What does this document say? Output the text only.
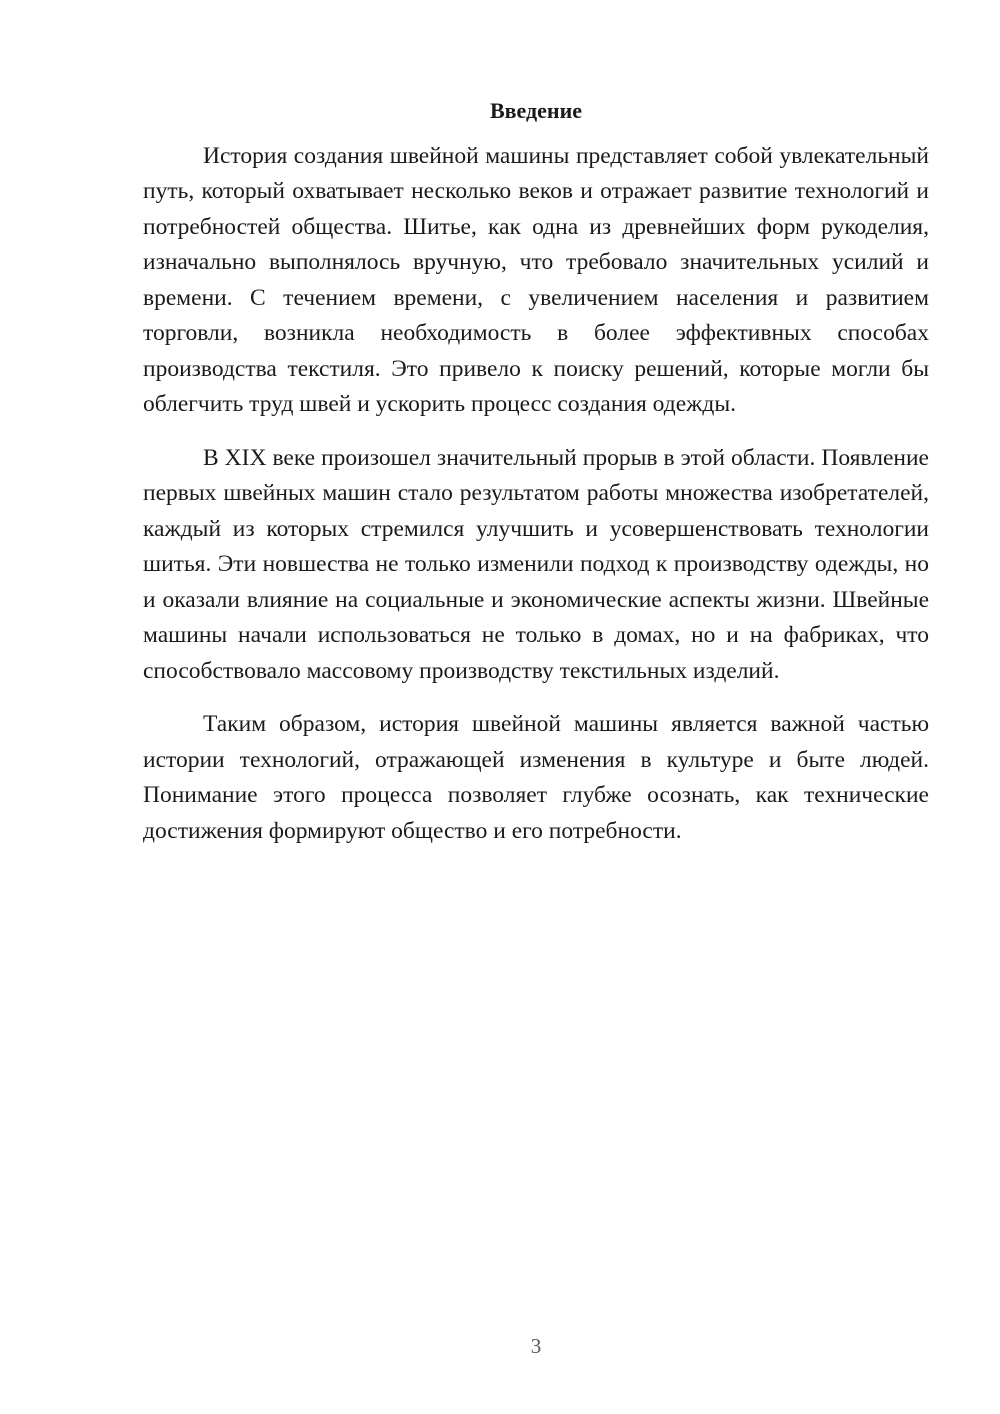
Введение

История создания швейной машины представляет собой увлекательный путь, который охватывает несколько веков и отражает развитие технологий и потребностей общества. Шитье, как одна из древнейших форм рукоделия, изначально выполнялось вручную, что требовало значительных усилий и времени. С течением времени, с увеличением населения и развитием торговли, возникла необходимость в более эффективных способах производства текстиля. Это привело к поиску решений, которые могли бы облегчить труд швей и ускорить процесс создания одежды.

В XIX веке произошел значительный прорыв в этой области. Появление первых швейных машин стало результатом работы множества изобретателей, каждый из которых стремился улучшить и усовершенствовать технологии шитья. Эти новшества не только изменили подход к производству одежды, но и оказали влияние на социальные и экономические аспекты жизни. Швейные машины начали использоваться не только в домах, но и на фабриках, что способствовало массовому производству текстильных изделий.

Таким образом, история швейной машины является важной частью истории технологий, отражающей изменения в культуре и быте людей. Понимание этого процесса позволяет глубже осознать, как технические достижения формируют общество и его потребности.

3
